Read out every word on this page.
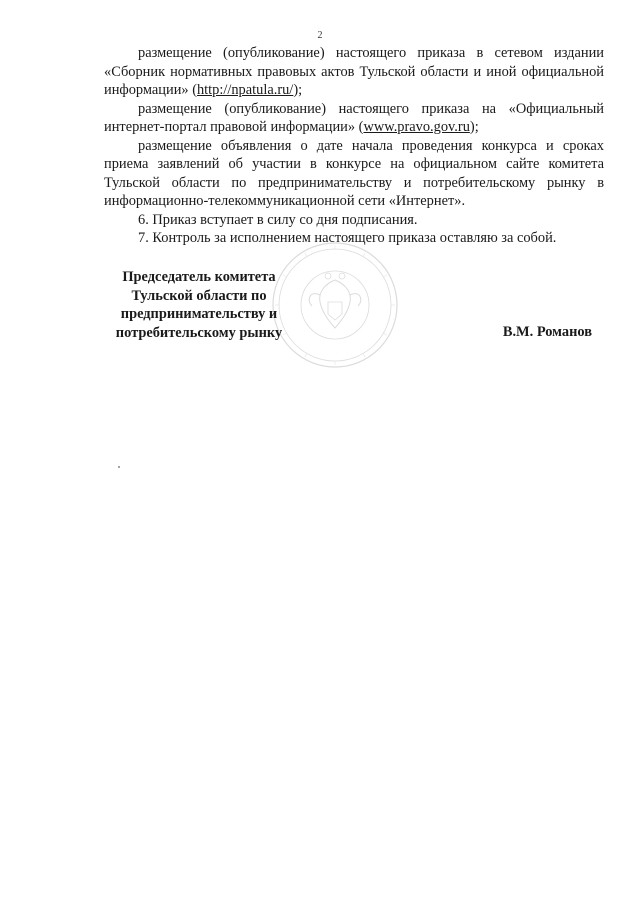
2

размещение (опубликование) настоящего приказа в сетевом издании «Сборник нормативных правовых актов Тульской области и иной официальной информации» (http://npatula.ru/);

размещение (опубликование) настоящего приказа на «Официальный интернет-портал правовой информации» (www.pravo.gov.ru);

размещение объявления о дате начала проведения конкурса и сроках приема заявлений об участии в конкурсе на официальном сайте комитета Тульской области по предпринимательству и потребительскому рынку в информационно-телекоммуникационной сети «Интернет».

6. Приказ вступает в силу со дня подписания.

7. Контроль за исполнением настоящего приказа оставляю за собой.

Председатель комитета
Тульской области по
предпринимательству и
потребительскому рынку	В.М. Романов
